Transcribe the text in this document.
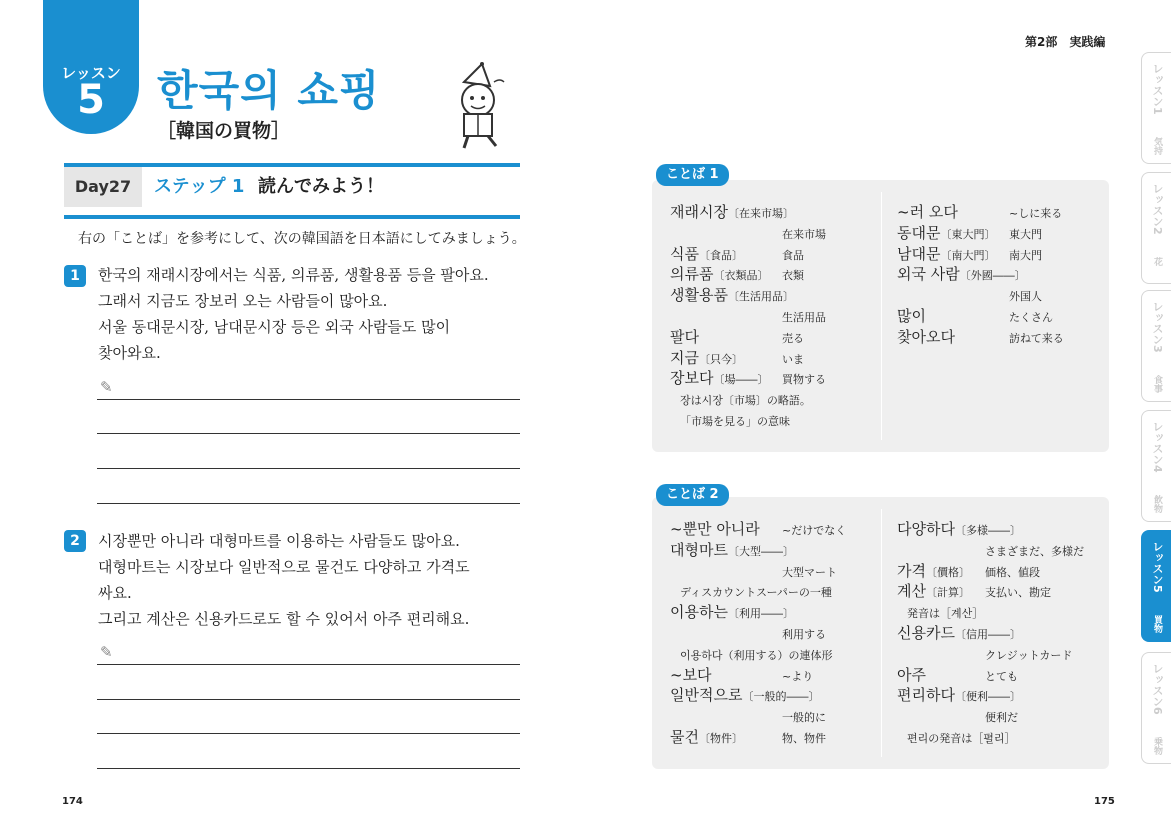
レッスン
5	한국의 쇼핑
［韓国の買物］
Day27	ステップ 1 読んでみよう！
右の「ことば」を参考にして、次の韓国語を日本語にしてみましょう。
1	한국의 재래시장에서는 식품, 의류품, 생활용품 등을 팔아요.
그래서 지금도 장보러 오는 사람들이 많아요.
서울 동대문시장, 남대문시장 등은 외국 사람들도 많이
찾아와요.
✎
2	시장뿐만 아니라 대형마트를 이용하는 사람들도 많아요.
대형마트는 시장보다 일반적으로 물건도 다양하고 가격도
싸요.
그리고 계산은 신용카드로도 할 수 있어서 아주 편리해요.
✎
174
第2部　実践編
재래시장〔在来市場〕
在来市場
식품〔食品〕	食品
의류품〔衣類品〕 衣類
생활용품〔生活用品〕
生活用品
팔다	売る
지금〔只今〕	いま
장보다〔場――〕 買物する
장は시장〔市場〕の略語。
「市場を見る」の意味
~러 오다	~しに来る
동대문〔東大門〕 東大門
남대문〔南大門〕 南大門
외국 사람〔外國――〕
外国人
많이	たくさん
찾아오다	訪ねて来る
ことば 1
~뿐만 아니라 ~だけでなく
대형마트〔大型――〕
大型マート
ディスカウントスーパーの一種
이용하는〔利用――〕
利用する
이용하다（利用する）の連体形
~보다	~より
일반적으로〔一般的――〕
一般的に
물건〔物件〕	物、物件
다양하다〔多様――〕
さまざまだ、多様だ
가격〔價格〕 価格、値段
계산〔計算〕 支払い、勘定
発音は［계산］
신용카드〔信用――〕
クレジットカード
아주	とても
편리하다〔便利――〕
便利だ
편리の発音は［펼리］
ことば 2
175
レッスン1
気持
レッスン2
花
レッスン3
食事
レッスン4
飲物
レッスン5
買物
レッスン6
乗物
